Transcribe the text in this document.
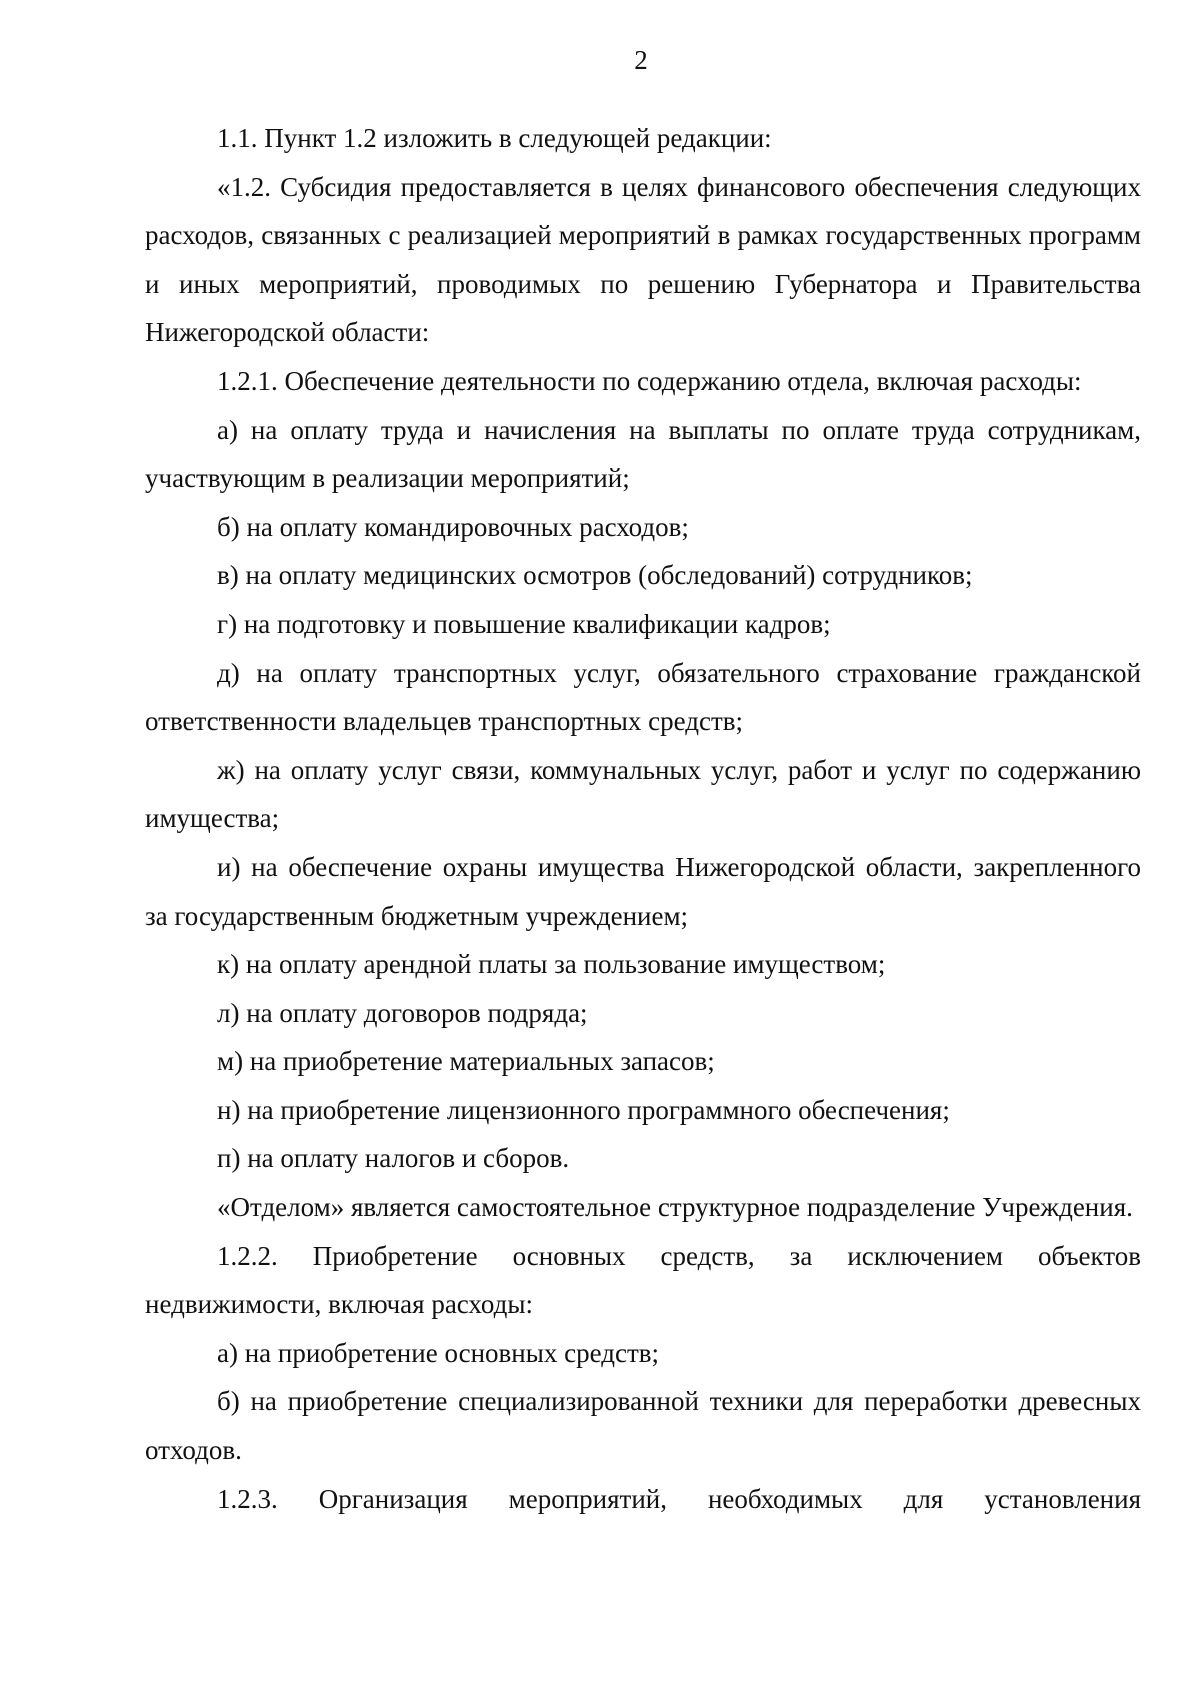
2

1.1. Пункт 1.2 изложить в следующей редакции:

«1.2. Субсидия предоставляется в целях финансового обеспечения следующих расходов, связанных с реализацией мероприятий в рамках государственных программ и иных мероприятий, проводимых по решению Губернатора и Правительства Нижегородской области:

1.2.1. Обеспечение деятельности по содержанию отдела, включая расходы:

а) на оплату труда и начисления на выплаты по оплате труда сотрудникам, участвующим в реализации мероприятий;

б) на оплату командировочных расходов;

в) на оплату медицинских осмотров (обследований) сотрудников;

г) на подготовку и повышение квалификации кадров;

д) на оплату транспортных услуг, обязательного страхование гражданской ответственности владельцев транспортных средств;

ж) на оплату услуг связи, коммунальных услуг, работ и услуг по содержанию имущества;

и) на обеспечение охраны имущества Нижегородской области, закрепленного за государственным бюджетным учреждением;

к) на оплату арендной платы за пользование имуществом;

л) на оплату договоров подряда;

м) на приобретение материальных запасов;

н) на приобретение лицензионного программного обеспечения;

п) на оплату налогов и сборов.

«Отделом» является самостоятельное структурное подразделение Учреждения.

1.2.2. Приобретение основных средств, за исключением объектов недвижимости, включая расходы:

а) на приобретение основных средств;

б) на приобретение специализированной техники для переработки древесных отходов.

1.2.3. Организация мероприятий, необходимых для установления
